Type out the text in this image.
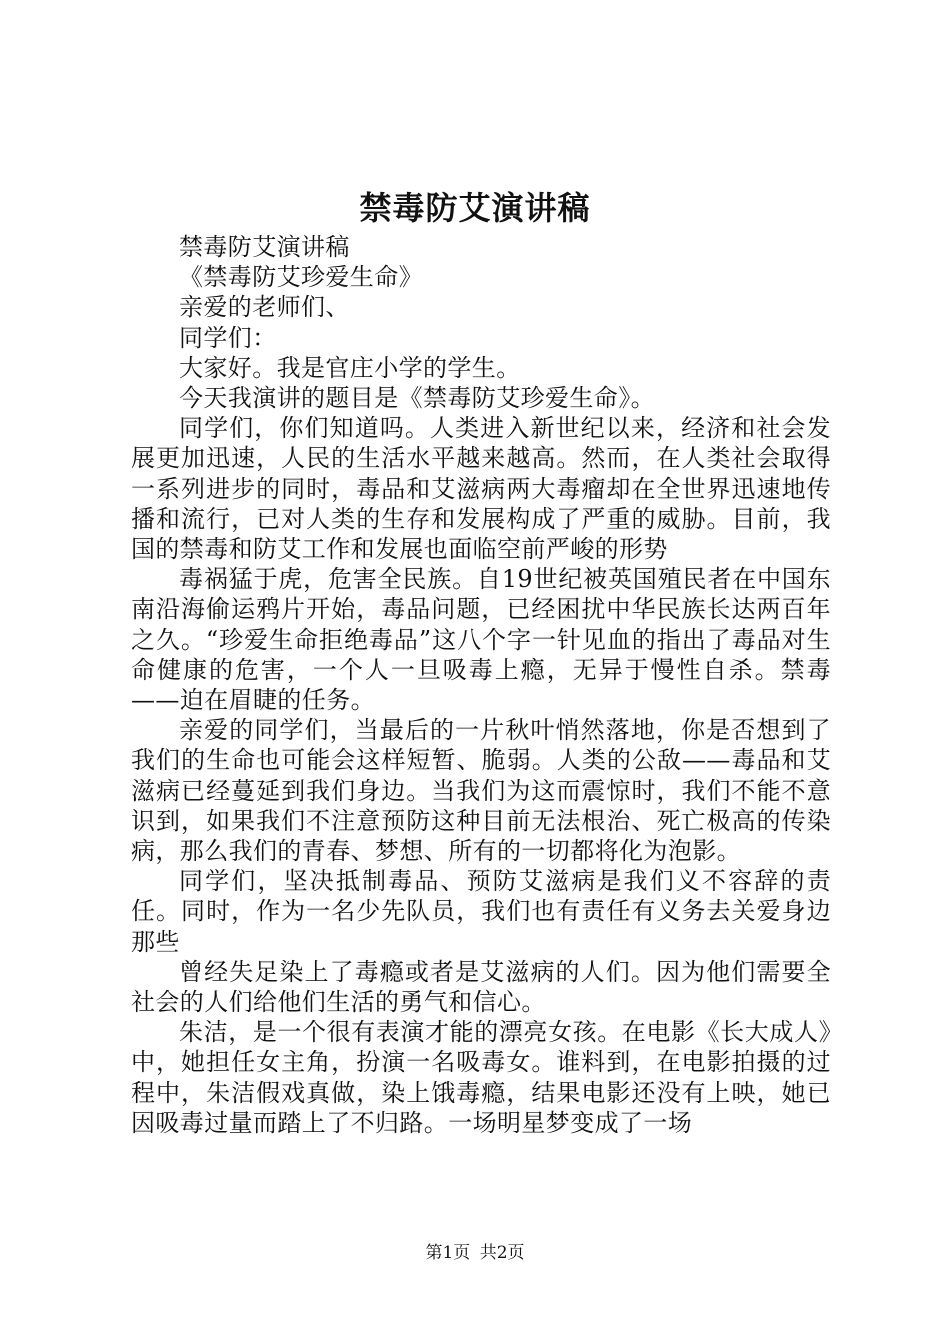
禁毒防艾演讲稿

禁毒防艾演讲稿

《禁毒防艾珍爱生命》

亲爱的老师们、

同学们：

大家好。我是官庄小学的学生。

今天我演讲的题目是《禁毒防艾珍爱生命》。

同学们，你们知道吗。人类进入新世纪以来，经济和社会发展更加迅速，人民的生活水平越来越高。然而，在人类社会取得一系列进步的同时，毒品和艾滋病两大毒瘤却在全世界迅速地传播和流行，已对人类的生存和发展构成了严重的威胁。目前，我国的禁毒和防艾工作和发展也面临空前严峻的形势

毒祸猛于虎，危害全民族。自19世纪被英国殖民者在中国东南沿海偷运鸦片开始，毒品问题，已经困扰中华民族长达两百年之久。“珍爱生命拒绝毒品”这八个字一针见血的指出了毒品对生命健康的危害，一个人一旦吸毒上瘾，无异于慢性自杀。禁毒——迫在眉睫的任务。

亲爱的同学们，当最后的一片秋叶悄然落地，你是否想到了我们的生命也可能会这样短暂、脆弱。人类的公敌——毒品和艾滋病已经蔓延到我们身边。当我们为这而震惊时，我们不能不意识到，如果我们不注意预防这种目前无法根治、死亡极高的传染病，那么我们的青春、梦想、所有的一切都将化为泡影。

同学们，坚决抵制毒品、预防艾滋病是我们义不容辞的责任。同时，作为一名少先队员，我们也有责任有义务去关爱身边那些

曾经失足染上了毒瘾或者是艾滋病的人们。因为他们需要全社会的人们给他们生活的勇气和信心。

朱洁，是一个很有表演才能的漂亮女孩。在电影《长大成人》中，她担任女主角，扮演一名吸毒女。谁料到，在电影拍摄的过程中，朱洁假戏真做，染上饿毒瘾，结果电影还没有上映，她已因吸毒过量而踏上了不归路。一场明星梦变成了一场

第1页 共2页
